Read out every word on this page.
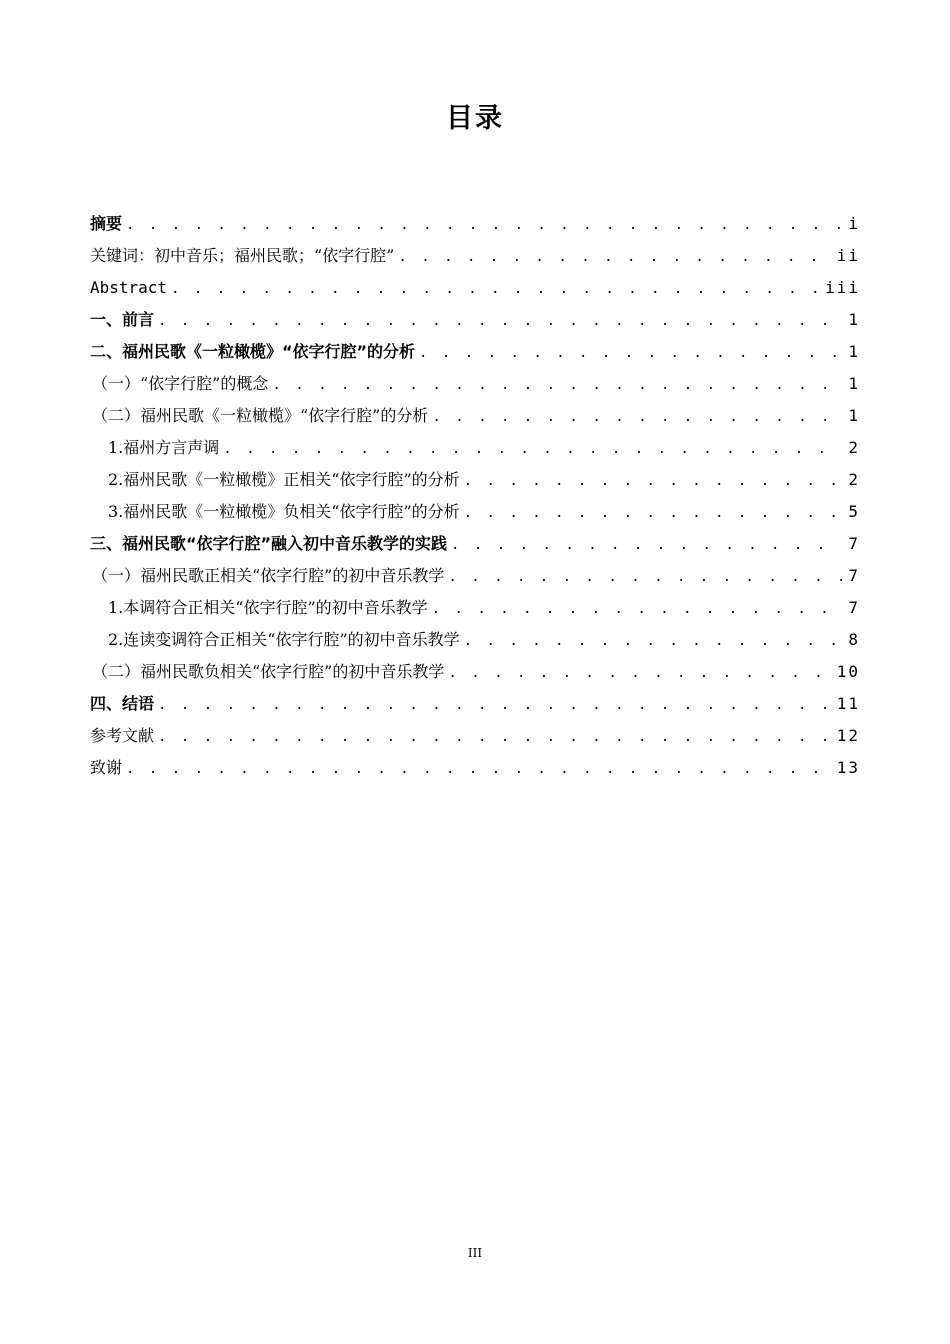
目录
摘要 . . .	i
关键词：初中音乐；福州民歌；“依字行腔” . . .	ii
Abstract . . .	iii
一、前言 . . .	1
二、福州民歌《一粒橄榄》“依字行腔”的分析 . . .	1
（一）“依字行腔”的概念 . . .	1
（二）福州民歌《一粒橄榄》“依字行腔”的分析 . . .	1
1.福州方言声调 . . .	2
2.福州民歌《一粒橄榄》正相关“依字行腔”的分析 . . .	2
3.福州民歌《一粒橄榄》负相关“依字行腔”的分析 . . .	5
三、福州民歌“依字行腔”融入初中音乐教学的实践 . . .	7
（一）福州民歌正相关“依字行腔”的初中音乐教学 . . .	7
1.本调符合正相关“依字行腔”的初中音乐教学 . . .	7
2.连读变调符合正相关“依字行腔”的初中音乐教学 . . .	8
（二）福州民歌负相关“依字行腔”的初中音乐教学 . . .	10
四、结语 . . .	11
参考文献 . . .	12
致谢 . . .	13
III
